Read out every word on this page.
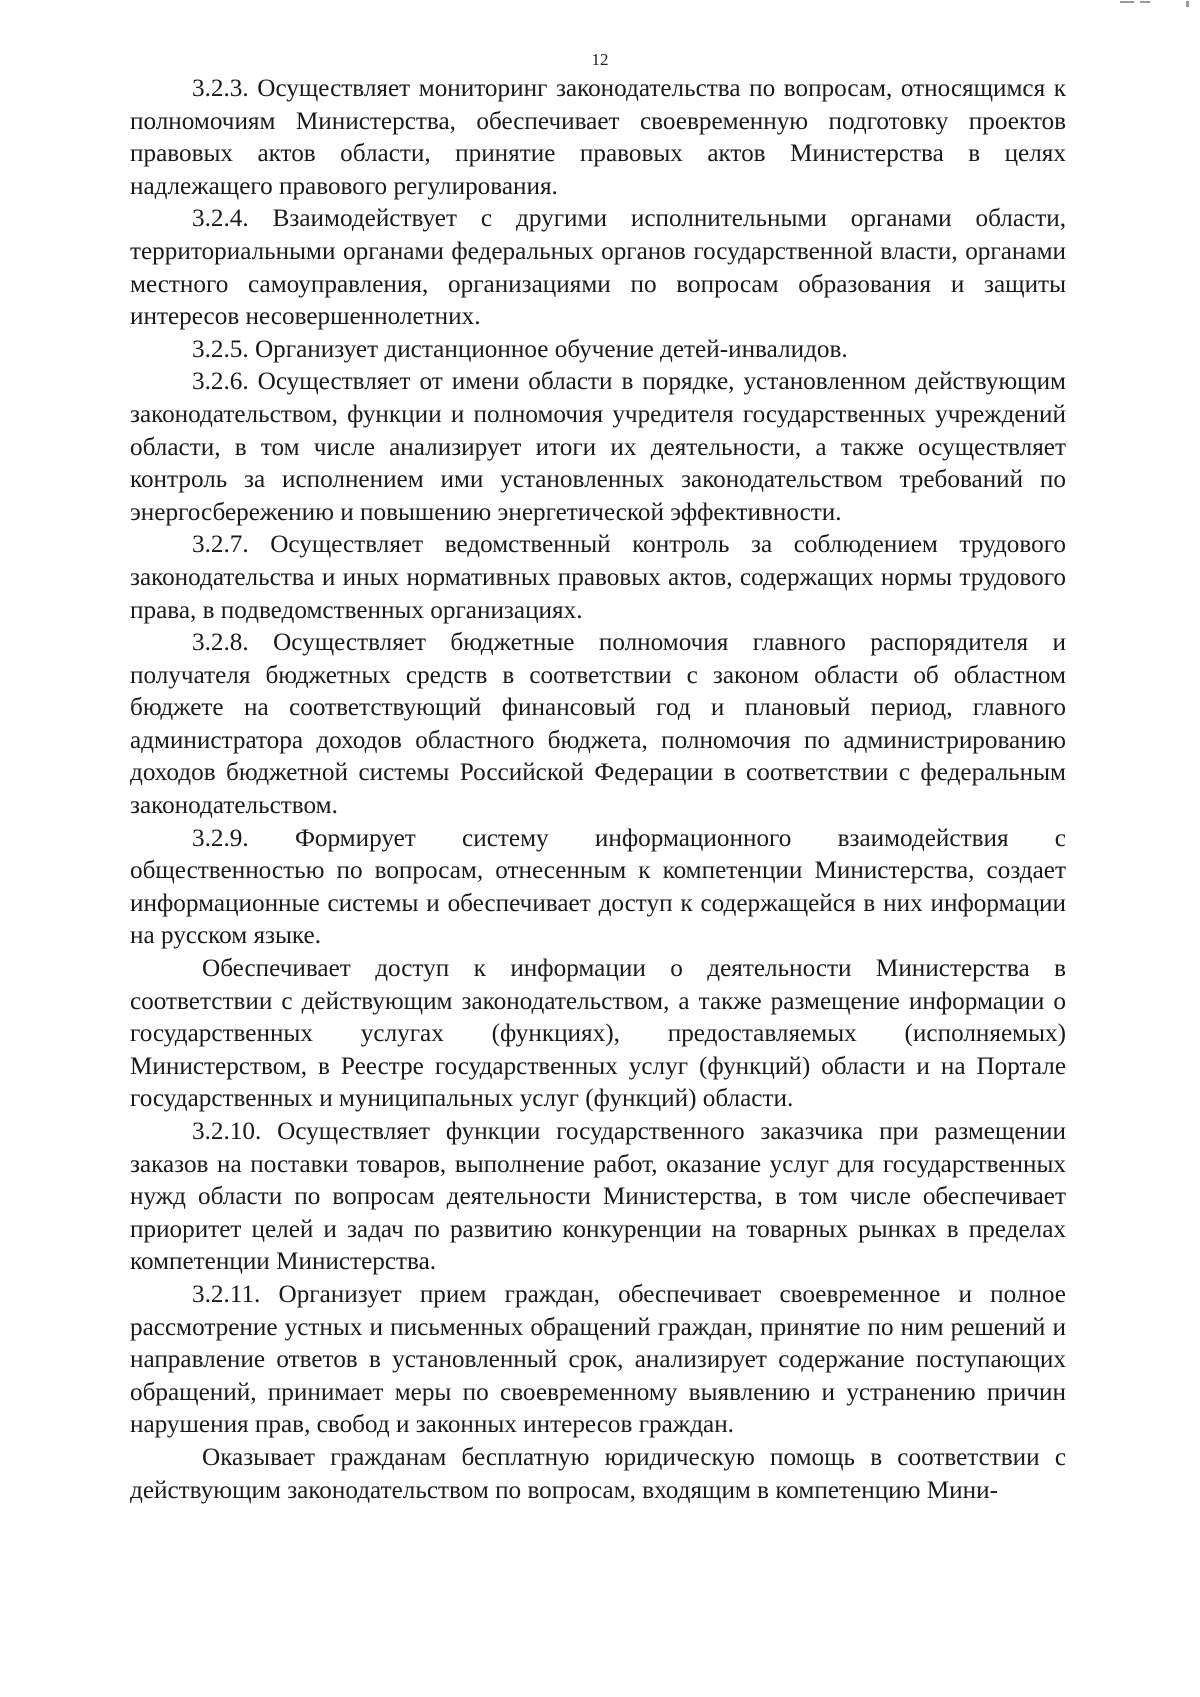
12

3.2.3. Осуществляет мониторинг законодательства по вопросам, относящимся к полномочиям Министерства, обеспечивает своевременную подготовку проектов правовых актов области, принятие правовых актов Министерства в целях надлежащего правового регулирования.

3.2.4. Взаимодействует с другими исполнительными органами области, территориальными органами федеральных органов государственной власти, органами местного самоуправления, организациями по вопросам образования и защиты интересов несовершеннолетних.

3.2.5. Организует дистанционное обучение детей-инвалидов.

3.2.6. Осуществляет от имени области в порядке, установленном действующим законодательством, функции и полномочия учредителя государственных учреждений области, в том числе анализирует итоги их деятельности, а также осуществляет контроль за исполнением ими установленных законодательством требований по энергосбережению и повышению энергетической эффективности.

3.2.7. Осуществляет ведомственный контроль за соблюдением трудового законодательства и иных нормативных правовых актов, содержащих нормы трудового права, в подведомственных организациях.

3.2.8. Осуществляет бюджетные полномочия главного распорядителя и получателя бюджетных средств в соответствии с законом области об областном бюджете на соответствующий финансовый год и плановый период, главного администратора доходов областного бюджета, полномочия по администрированию доходов бюджетной системы Российской Федерации в соответствии с федеральным законодательством.

3.2.9. Формирует систему информационного взаимодействия с общественностью по вопросам, отнесенным к компетенции Министерства, создает информационные системы и обеспечивает доступ к содержащейся в них информации на русском языке.

Обеспечивает доступ к информации о деятельности Министерства в соответствии с действующим законодательством, а также размещение информации о государственных услугах (функциях), предоставляемых (исполняемых) Министерством, в Реестре государственных услуг (функций) области и на Портале государственных и муниципальных услуг (функций) области.

3.2.10. Осуществляет функции государственного заказчика при размещении заказов на поставки товаров, выполнение работ, оказание услуг для государственных нужд области по вопросам деятельности Министерства, в том числе обеспечивает приоритет целей и задач по развитию конкуренции на товарных рынках в пределах компетенции Министерства.

3.2.11. Организует прием граждан, обеспечивает своевременное и полное рассмотрение устных и письменных обращений граждан, принятие по ним решений и направление ответов в установленный срок, анализирует содержание поступающих обращений, принимает меры по своевременному выявлению и устранению причин нарушения прав, свобод и законных интересов граждан.

Оказывает гражданам бесплатную юридическую помощь в соответствии с действующим законодательством по вопросам, входящим в компетенцию Мини-
